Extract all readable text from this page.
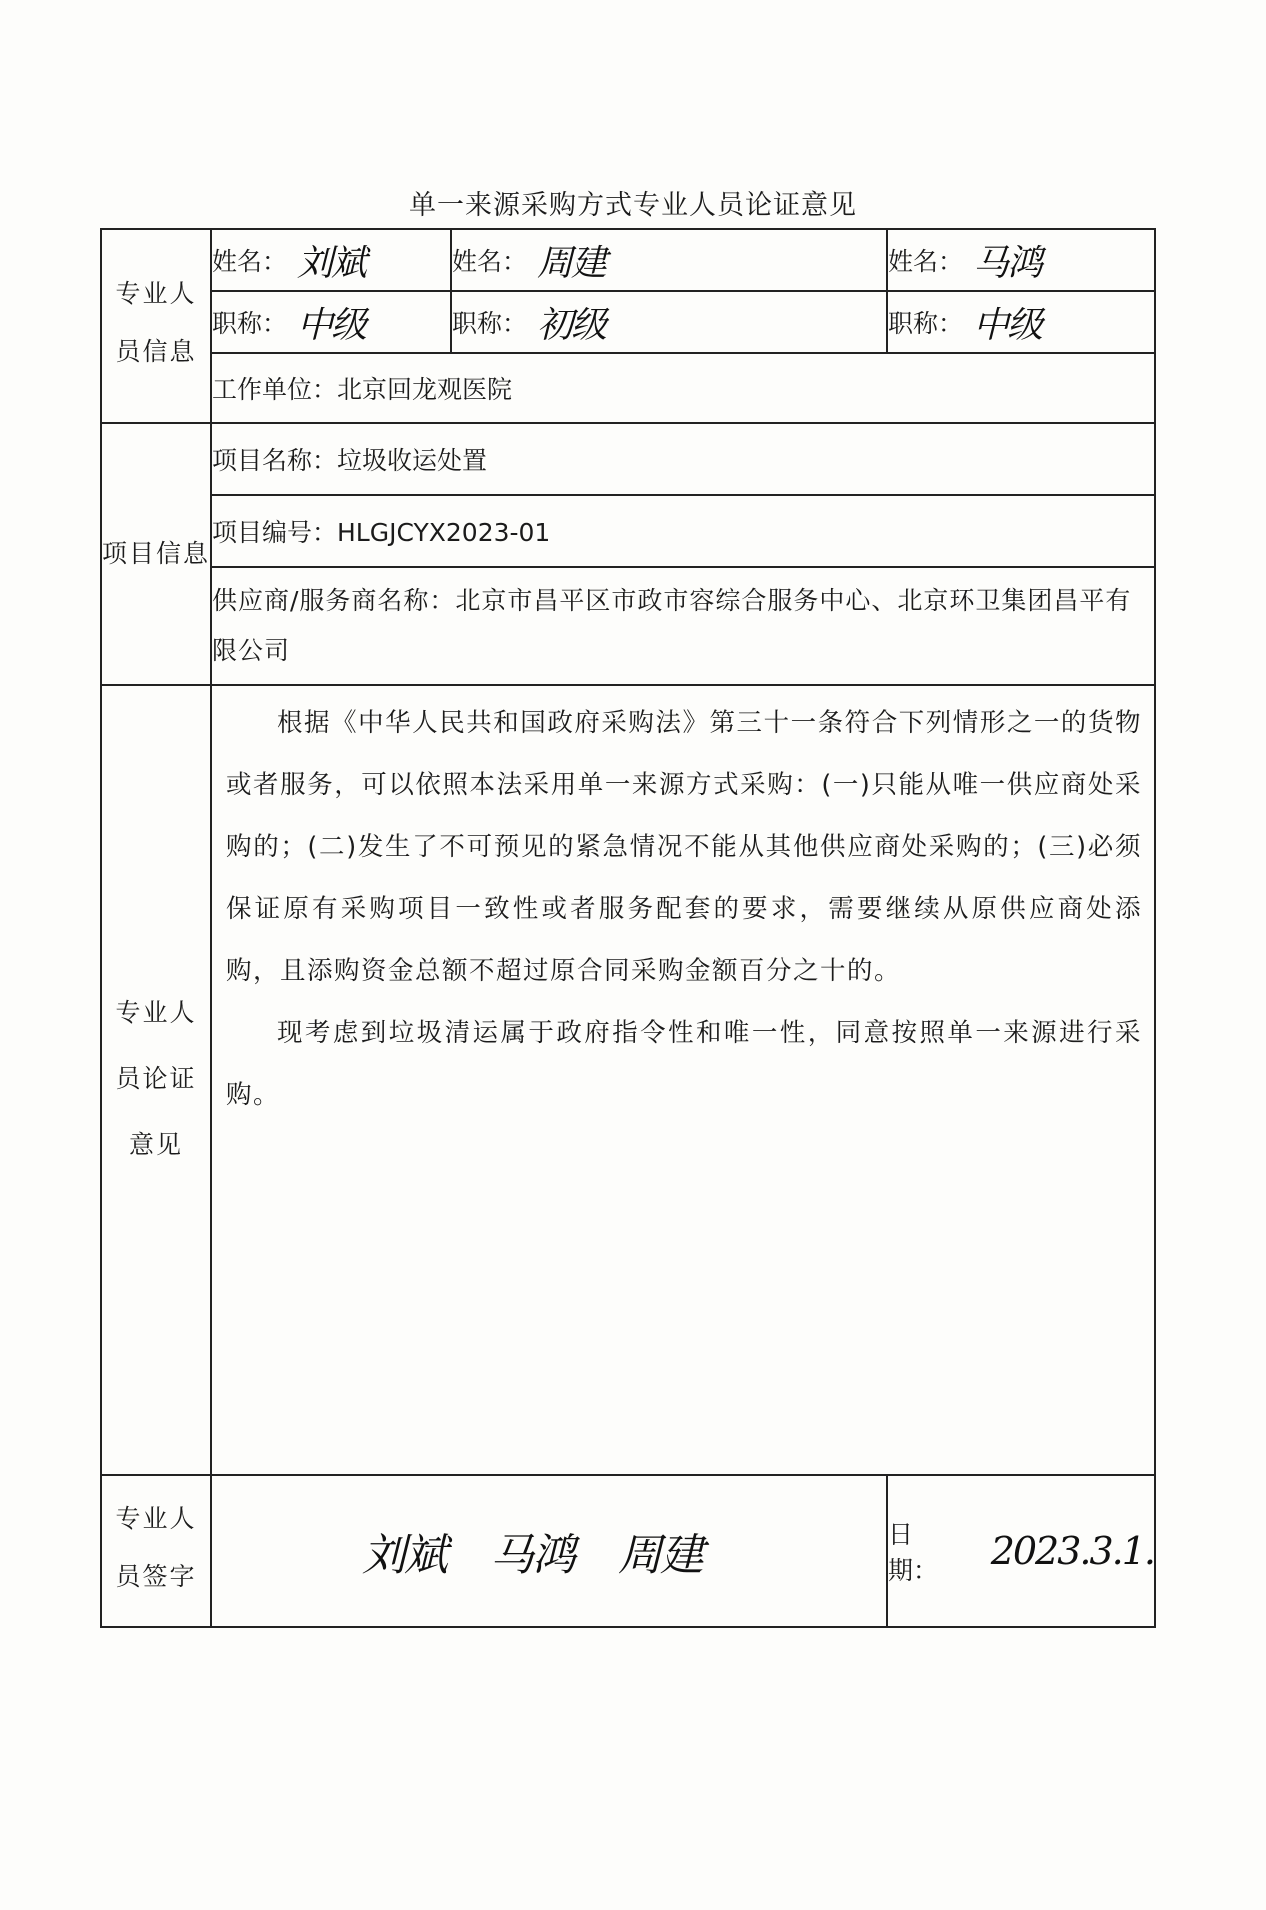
单一来源采购方式专业人员论证意见
专业人员信息	姓名： 刘斌	姓名： 周建	姓名： 马鸿

	职称： 中级	职称： 初级	职称： 中级

	工作单位：北京回龙观医院		
项目信息	项目名称：垃圾收运处置		
	项目编号：HLGJCYX2023-01		

	供应商/服务商名称：北京市昌平区市政市容综合服务中心、北京环卫集团昌平有限公司		

专业人员论证意见	根据《中华人民共和国政府采购法》第三十一条符合下列情形之一的货物或者服务，可以依照本法采用单一来源方式采购：(一)只能从唯一供应商处采购的；(二)发生了不可预见的紧急情况不能从其他供应商处采购的；(三)必须保证原有采购项目一致性或者服务配套的要求，需要继续从原供应商处添购，且添购资金总额不超过原合同采购金额百分之十的。

现考虑到垃圾清运属于政府指令性和唯一性，同意按照单一来源进行采购。		

专业人员签字	刘斌 马鸿 周建		日期： 2023.3.1.
